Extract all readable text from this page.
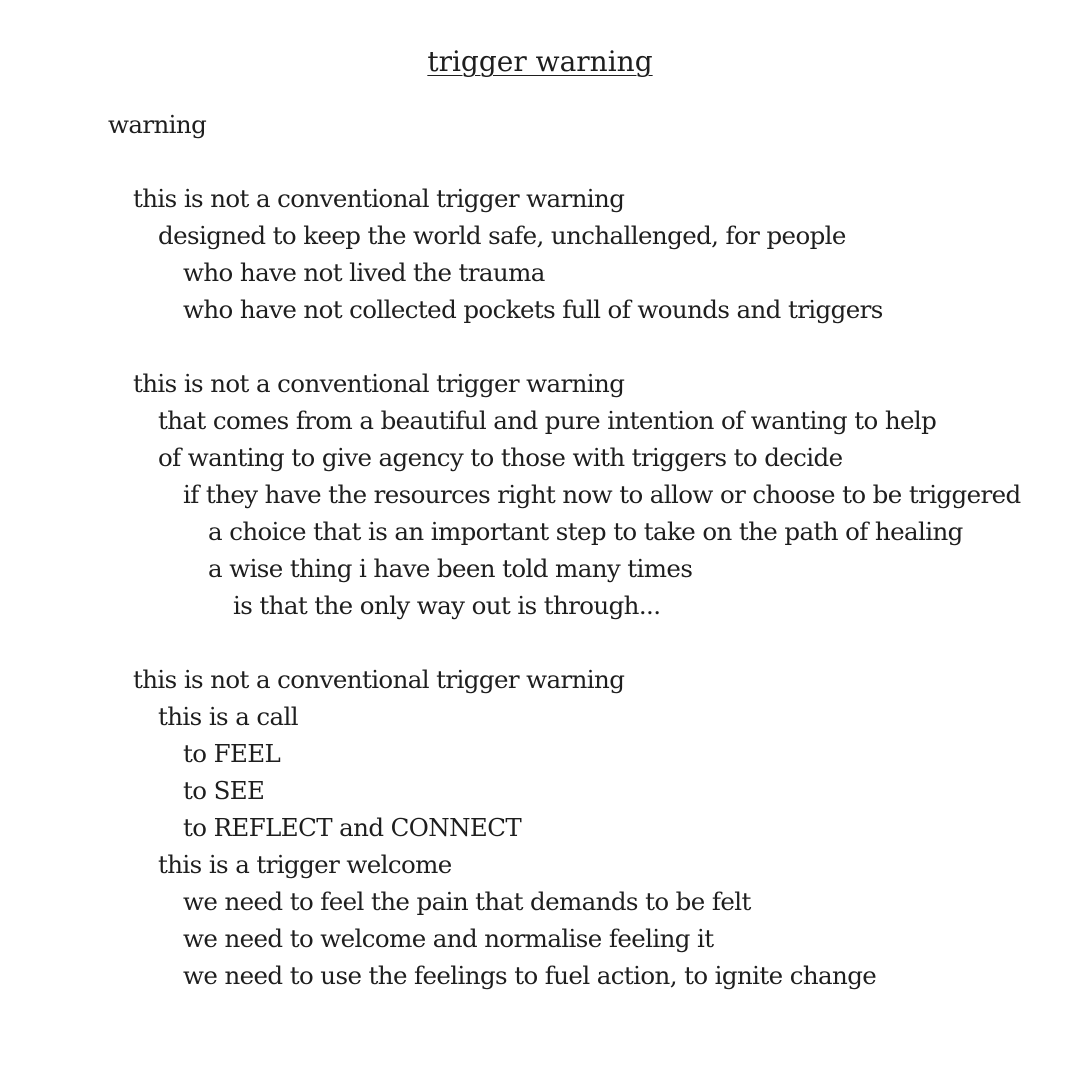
trigger warning

warning

this is not a conventional trigger warning

designed to keep the world safe, unchallenged, for people

who have not lived the trauma

who have not collected pockets full of wounds and triggers

this is not a conventional trigger warning

that comes from a beautiful and pure intention of wanting to help

of wanting to give agency to those with triggers to decide

if they have the resources right now to allow or choose to be triggered

a choice that is an important step to take on the path of healing

a wise thing i have been told many times

is that the only way out is through...

this is not a conventional trigger warning

this is a call

to FEEL

to SEE

to REFLECT and CONNECT

this is a trigger welcome

we need to feel the pain that demands to be felt

we need to welcome and normalise feeling it

we need to use the feelings to fuel action, to ignite change
